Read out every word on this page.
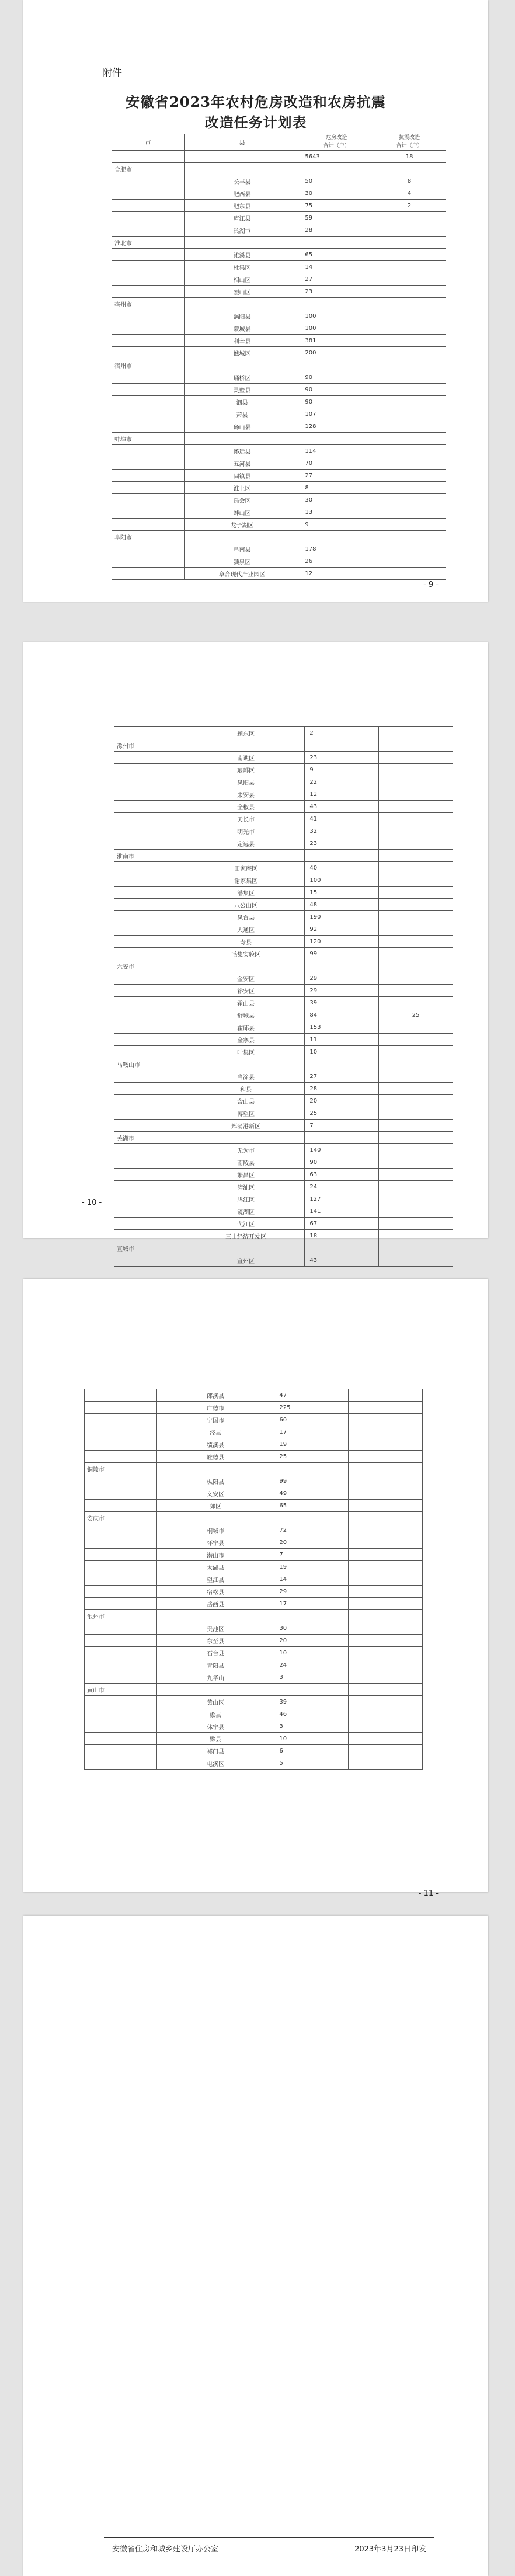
附件
安徽省2023年农村危房改造和农房抗震
改造任务计划表
市	县	危房改造	抗震改造
		合计（户）	合计（户）
		5643	18
合肥市			
	长丰县	50	8
	肥西县	30	4
	肥东县	75	2
	庐江县	59	
	巢湖市	28	
淮北市			
	濉溪县	65	
	杜集区	14	
	相山区	27	
	烈山区	23	
亳州市			
	涡阳县	100	
	蒙城县	100	
	利辛县	381	
	谯城区	200	
宿州市			
	埇桥区	90	
	灵璧县	90	
	泗县	90	
	萧县	107	
	砀山县	128	
蚌埠市			
	怀远县	114	
	五河县	70	
	固镇县	27	
	淮上区	8	
	禹会区	30	
	蚌山区	13	
	龙子湖区	9	
阜阳市			
	阜南县	178	
	颍泉区	26	
	阜合现代产业园区	12	
- 9 -
	颍东区	2	
滁州市			
	南谯区	23	
	琅琊区	9	
	凤阳县	22	
	来安县	12	
	全椒县	43	
	天长市	41	
	明光市	32	
	定远县	23	
淮南市			
	田家庵区	40	
	谢家集区	100	
	潘集区	15	
	八公山区	48	
	凤台县	190	
	大通区	92	
	寿县	120	
	毛集实验区	99	
六安市			
	金安区	29	
	裕安区	29	
	霍山县	39	
	舒城县	84	25
	霍邱县	153	
	金寨县	11	
	叶集区	10	
马鞍山市			
	当涂县	27	
	和县	28	
	含山县	20	
	博望区	25	
	郑蒲港新区	7	
芜湖市			
	无为市	140	
	南陵县	90	
	繁昌区	63	
	湾沚区	24	
	鸠江区	127	
	镜湖区	141	
	弋江区	67	
	三山经济开发区	18	
宣城市			
	宣州区	43	
- 10 -
	郎溪县	47	
	广德市	225	
	宁国市	60	
	泾县	17	
	绩溪县	19	
	旌德县	25	
铜陵市			
	枞阳县	99	
	义安区	49	
	郊区	65	
安庆市			
	桐城市	72	
	怀宁县	20	
	潜山市	7	
	太湖县	19	
	望江县	14	
	宿松县	29	
	岳西县	17	
池州市			
	贵池区	30	
	东至县	20	
	石台县	10	
	青阳县	24	
	九华山	3	
黄山市			
	黄山区	39	
	歙县	46	
	休宁县	3	
	黟县	10	
	祁门县	6	
	屯溪区	5	
- 11 -
安徽省住房和城乡建设厅办公室	2023年3月23日印发
